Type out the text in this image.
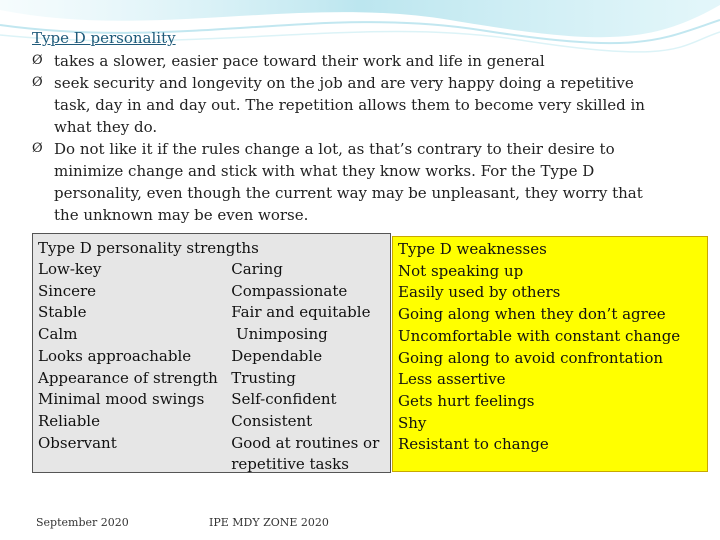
Type D personality
Ø takes a slower, easier pace toward their work and life in general
Ø seek security and longevity on the job and are very happy doing a repetitive task, day in and day out. The repetition allows them to become very skilled in what they do.
Ø Do not like it if the rules change a lot, as that’s contrary to their desire to minimize change and stick with what they know works. For the Type D personality, even though the current way may be unpleasant, they worry that the unknown may be even worse.
Type D personality strengths
Low-key
Sincere
Stable
Calm
Looks approachable
Appearance of strength
Minimal mood swings
Reliable
Observant
Caring
Compassionate
Fair and equitable
Unimposing
Dependable
Trusting
Self-confident
Consistent
Good at routines or repetitive tasks
Type D weaknesses
Not speaking up
Easily used by others
Going along when they don’t agree
Uncomfortable with constant change
Going along to avoid confrontation
Less assertive
Gets hurt feelings
Shy
Resistant to change
September 2020	IPE MDY ZONE 2020
